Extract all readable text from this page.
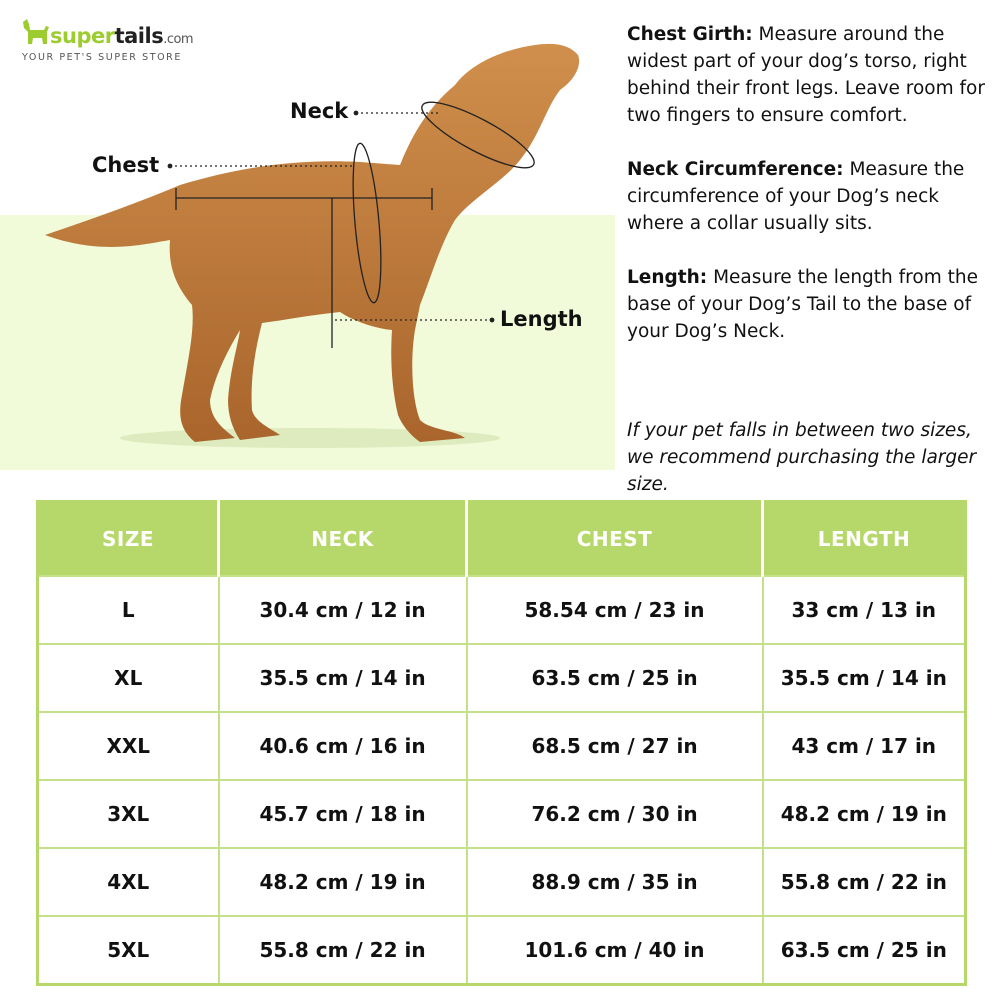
supertails.com
YOUR PET'S SUPER STORE
Neck
Chest
Length
Chest Girth: Measure around the widest part of your dog’s torso, right behind their front legs. Leave room for two fingers to ensure comfort.
Neck Circumference: Measure the circumference of your Dog’s neck where a collar usually sits.
Length: Measure the length from the base of your Dog’s Tail to the base of your Dog’s Neck.
If your pet falls in between two sizes, we recommend purchasing the larger size.
SIZE	NECK	CHEST	LENGTH
L	30.4 cm / 12 in	58.54 cm / 23 in	33 cm / 13 in
XL	35.5 cm / 14 in	63.5 cm / 25 in	35.5 cm / 14 in
XXL	40.6 cm / 16 in	68.5 cm / 27 in	43 cm / 17 in
3XL	45.7 cm / 18 in	76.2 cm / 30 in	48.2 cm / 19 in
4XL	48.2 cm / 19 in	88.9 cm / 35 in	55.8 cm / 22 in
5XL	55.8 cm / 22 in	101.6 cm / 40 in	63.5 cm / 25 in
